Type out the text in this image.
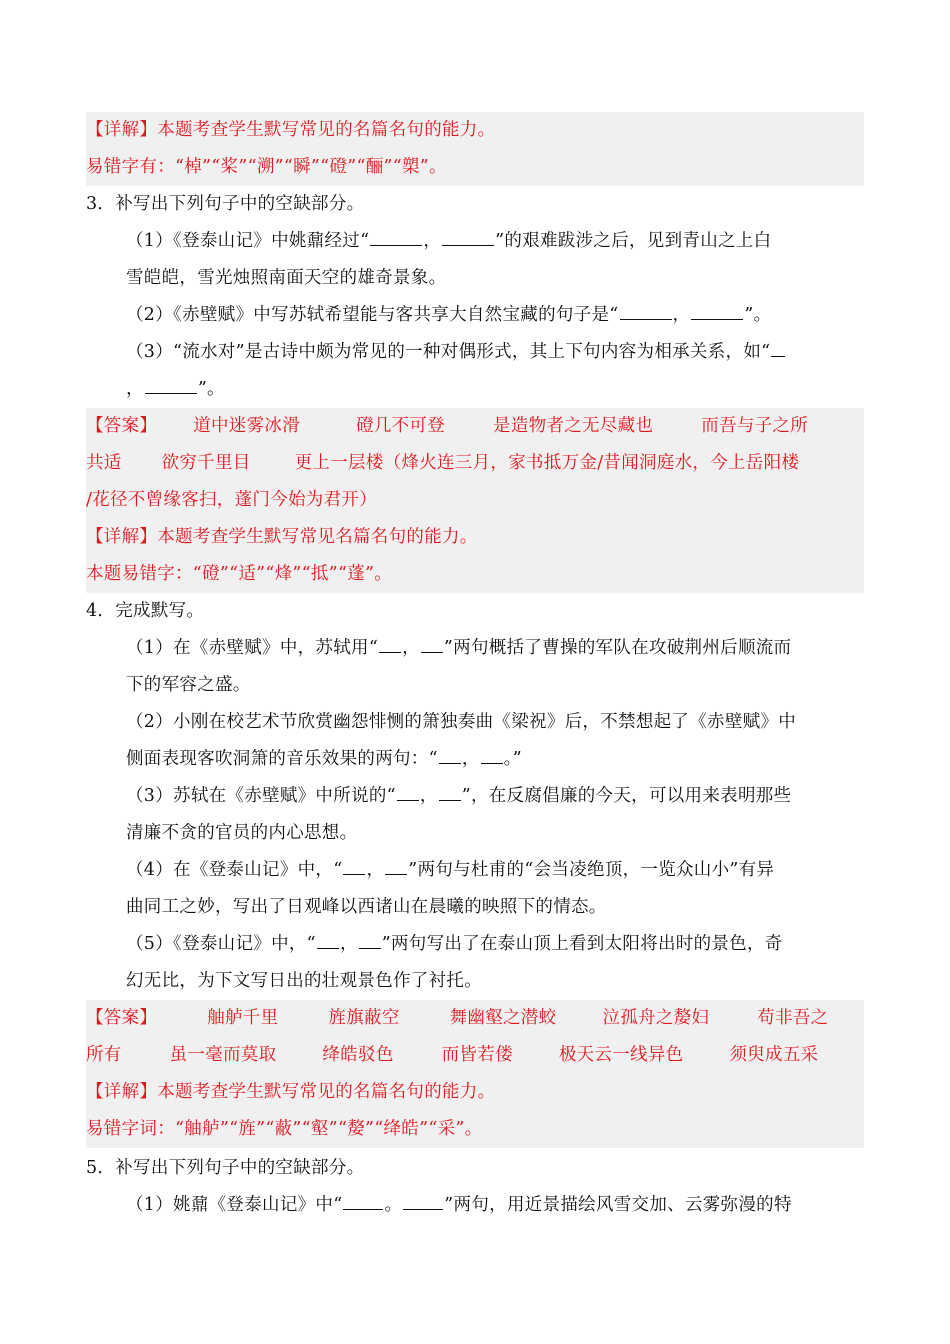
【详解】本题考查学生默写常见的名篇名句的能力。
易错字有：“棹”“桨”“溯”“瞬”“磴”“酾”“槊”。
3．补写出下列句子中的空缺部分。
（1）《登泰山记》中姚鼐经过“	，	”的艰难跋涉之后，见到青山之上白
雪皑皑，雪光烛照南面天空的雄奇景象。
（2）《赤壁赋》中写苏轼希望能与客共享大自然宝藏的句子是“	，	”。
（3）“流水对”是古诗中颇为常见的一种对偶形式，其上下句内容为相承关系，如“
，	”。
【答案】 道中迷雾冰滑	磴几不可登	是造物者之无尽藏也	而吾与子之所
共适 欲穷千里目	更上一层楼（烽火连三月，家书抵万金/昔闻洞庭水，今上岳阳楼
/花径不曾缘客扫，蓬门今始为君开）
【详解】本题考查学生默写常见名篇名句的能力。
本题易错字：“磴”“适”“烽”“抵”“蓬”。
4．完成默写。
（1）在《赤壁赋》中，苏轼用“ ， ”两句概括了曹操的军队在攻破荆州后顺流而
下的军容之盛。
（2）小刚在校艺术节欣赏幽怨悱恻的箫独奏曲《梁祝》后，不禁想起了《赤壁赋》中
侧面表现客吹洞箫的音乐效果的两句：“ ， 。”
（3）苏轼在《赤壁赋》中所说的“ ， ”，在反腐倡廉的今天，可以用来表明那些
清廉不贪的官员的内心思想。
（4）在《登泰山记》中，“ ， ”两句与杜甫的“会当凌绝顶，一览众山小”有异
曲同工之妙，写出了日观峰以西诸山在晨曦的映照下的情态。
（5）《登泰山记》中，“ ， ”两句写出了在泰山顶上看到太阳将出时的景色，奇
幻无比，为下文写日出的壮观景色作了衬托。
【答案】	舳舻千里	旌旗蔽空	舞幽壑之潜蛟	泣孤舟之嫠妇	苟非吾之
所有	虽一毫而莫取	绛皓驳色	而皆若偻	极天云一线异色	须臾成五采
【详解】本题考查学生默写常见的名篇名句的能力。
易错字词：“舳舻”“旌”“蔽”“壑”“嫠”“绛皓”“采”。
5．补写出下列句子中的空缺部分。
（1）姚鼐《登泰山记》中“ 。 ”两句，用近景描绘风雪交加、云雾弥漫的特
